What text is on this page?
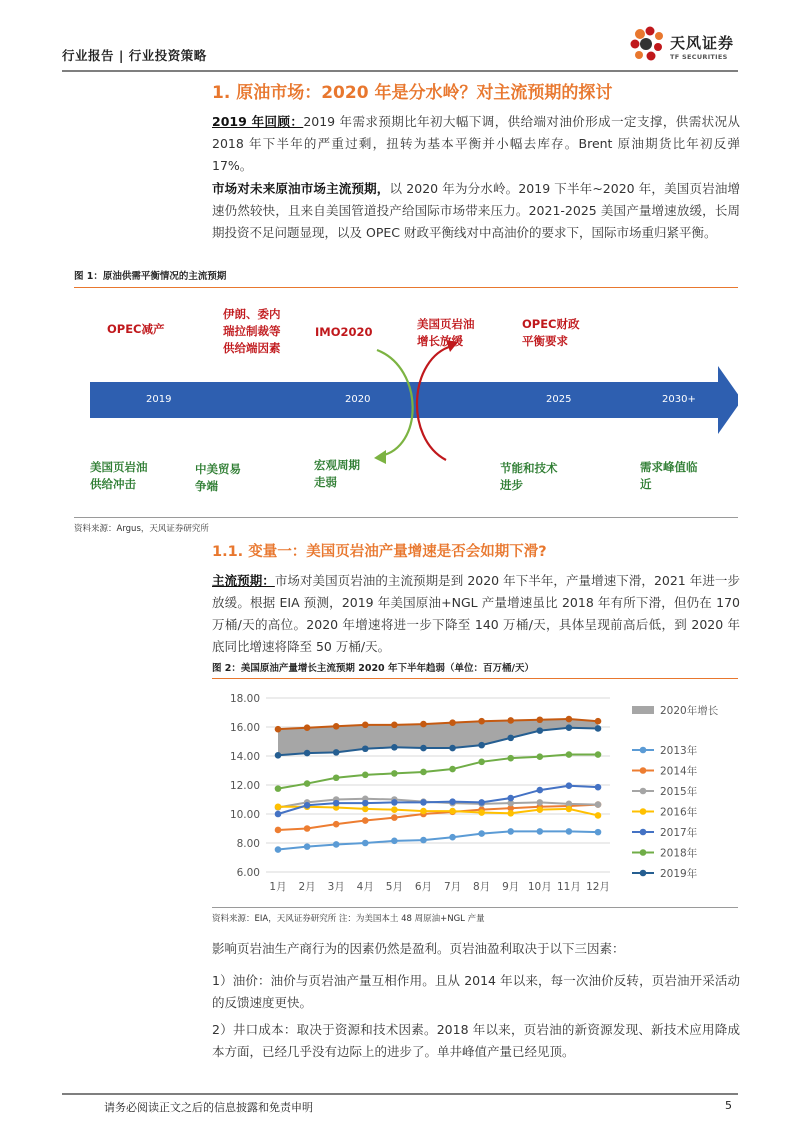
行业报告 | 行业投资策略
天风证券
TF SECURITIES
1. 原油市场：2020 年是分水岭？对主流预期的探讨
2019 年回顾：2019 年需求预期比年初大幅下调，供给端对油价形成一定支撑，供需状况从 2018 年下半年的严重过剩，扭转为基本平衡并小幅去库存。Brent 原油期货比年初反弹 17%。
市场对未来原油市场主流预期，以 2020 年为分水岭。2019 下半年~2020 年，美国页岩油增速仍然较快，且来自美国管道投产给国际市场带来压力。2021-2025 美国产量增速放缓，长周期投资不足问题显现，以及 OPEC 财政平衡线对中高油价的要求下，国际市场重归紧平衡。
图 1：原油供需平衡情况的主流预期
2019	2020	2025	2030+
OPEC减产
伊朗、委内
瑞拉制裁等
供给端因素
IMO2020
美国页岩油
增长放缓
OPEC财政
平衡要求
美国页岩油
供给冲击
中美贸易
争端
宏观周期
走弱
节能和技术
进步
需求峰值临
近
资料来源：Argus，天风证券研究所
1.1. 变量一：美国页岩油产量增速是否会如期下滑?
主流预期：市场对美国页岩油的主流预期是到 2020 年下半年，产量增速下滑，2021 年进一步放缓。根据 EIA 预测，2019 年美国原油+NGL 产量增速虽比 2018 年有所下滑，但仍在 170 万桶/天的高位。2020 年增速将进一步下降至 140 万桶/天，具体呈现前高后低，到 2020 年底同比增速将降至 50 万桶/天。
图 2：美国原油产量增长主流预期 2020 年下半年趋弱（单位：百万桶/天）
6.00
8.00
10.00
12.00
14.00
16.00
18.00
1月 2月 3月 4月 5月 6月 7月 8月 9月 10月 11月 12月
2020年增长
2013年
2014年
2015年
2016年
2017年
2018年
2019年
资料来源：EIA，天风证券研究所 注：为美国本土 48 周原油+NGL 产量
影响页岩油生产商行为的因素仍然是盈利。页岩油盈利取决于以下三因素：
1）油价：油价与页岩油产量互相作用。且从 2014 年以来，每一次油价反转，页岩油开采活动的反馈速度更快。
2）井口成本：取决于资源和技术因素。2018 年以来，页岩油的新资源发现、新技术应用降成本方面，已经几乎没有边际上的进步了。单井峰值产量已经见顶。
请务必阅读正文之后的信息披露和免责申明	5
